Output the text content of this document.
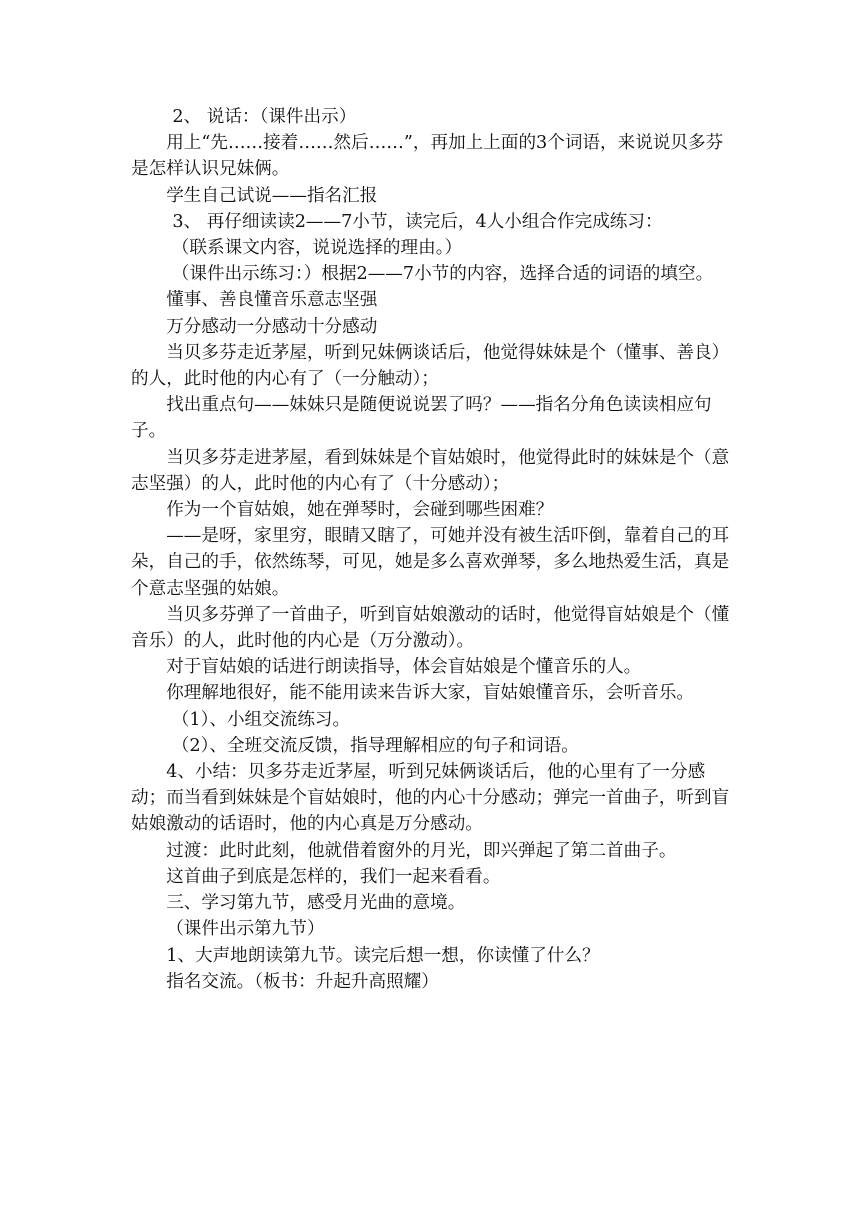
2、 说话：（课件出示）

用上“先……接着……然后……”，再加上上面的3个词语，来说说贝多芬是怎样认识兄妹俩。

学生自己试说——指名汇报

3、 再仔细读读2——7小节，读完后，4人小组合作完成练习：

（联系课文内容，说说选择的理由。）

（课件出示练习：）根据2——7小节的内容，选择合适的词语的填空。

懂事、善良懂音乐意志坚强

万分感动一分感动十分感动

当贝多芬走近茅屋，听到兄妹俩谈话后，他觉得妹妹是个（懂事、善良）的人，此时他的内心有了（一分触动）；

找出重点句——妹妹只是随便说说罢了吗？——指名分角色读读相应句子。

当贝多芬走进茅屋，看到妹妹是个盲姑娘时，他觉得此时的妹妹是个（意志坚强）的人，此时他的内心有了（十分感动）；

作为一个盲姑娘，她在弹琴时，会碰到哪些困难？

——是呀，家里穷，眼睛又瞎了，可她并没有被生活吓倒，靠着自己的耳朵，自己的手，依然练琴，可见，她是多么喜欢弹琴，多么地热爱生活，真是个意志坚强的姑娘。

当贝多芬弹了一首曲子，听到盲姑娘激动的话时，他觉得盲姑娘是个（懂音乐）的人，此时他的内心是（万分激动）。

对于盲姑娘的话进行朗读指导，体会盲姑娘是个懂音乐的人。

你理解地很好，能不能用读来告诉大家，盲姑娘懂音乐，会听音乐。

（1）、小组交流练习。

（2）、全班交流反馈，指导理解相应的句子和词语。

4、小结：贝多芬走近茅屋，听到兄妹俩谈话后，他的心里有了一分感动；而当看到妹妹是个盲姑娘时，他的内心十分感动；弹完一首曲子，听到盲姑娘激动的话语时，他的内心真是万分感动。

过渡：此时此刻，他就借着窗外的月光，即兴弹起了第二首曲子。

这首曲子到底是怎样的，我们一起来看看。

三、学习第九节，感受月光曲的意境。

（课件出示第九节）

1、大声地朗读第九节。读完后想一想，你读懂了什么？

指名交流。（板书：升起升高照耀）
